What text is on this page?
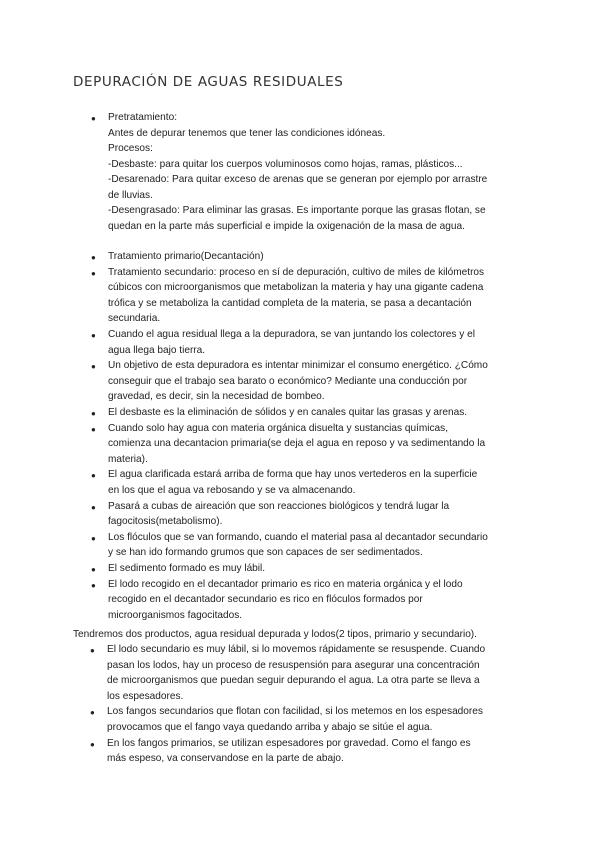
DEPURACIÓN DE AGUAS RESIDUALES
● Pretratamiento:
Antes de depurar tenemos que tener las condiciones idóneas.
Procesos:
-Desbaste: para quitar los cuerpos voluminosos como hojas, ramas, plásticos...
-Desarenado: Para quitar exceso de arenas que se generan por ejemplo por arrastre
de lluvias.
-Desengrasado: Para eliminar las grasas. Es importante porque las grasas flotan, se
quedan en la parte más superficial e impide la oxigenación de la masa de agua.
● Tratamiento primario(Decantación)
● Tratamiento secundario: proceso en sí de depuración, cultivo de miles de kilómetros
cúbicos con microorganismos que metabolizan la materia y hay una gigante cadena
trófica y se metaboliza la cantidad completa de la materia, se pasa a decantación
secundaria.
● Cuando el agua residual llega a la depuradora, se van juntando los colectores y el
agua llega bajo tierra.
● Un objetivo de esta depuradora es intentar minimizar el consumo energético. ¿Cómo
conseguir que el trabajo sea barato o económico? Mediante una conducción por
gravedad, es decir, sin la necesidad de bombeo.
● El desbaste es la eliminación de sólidos y en canales quitar las grasas y arenas.
● Cuando solo hay agua con materia orgánica disuelta y sustancias químicas,
comienza una decantacion primaria(se deja el agua en reposo y va sedimentando la
materia).
● El agua clarificada estará arriba de forma que hay unos vertederos en la superficie
en los que el agua va rebosando y se va almacenando.
● Pasará a cubas de aireación que son reacciones biológicos y tendrá lugar la
fagocitosis(metabolismo).
● Los flóculos que se van formando, cuando el material pasa al decantador secundario
y se han ido formando grumos que son capaces de ser sedimentados.
● El sedimento formado es muy lábil.
● El lodo recogido en el decantador primario es rico en materia orgánica y el lodo
recogido en el decantador secundario es rico en flóculos formados por
microorganismos fagocitados.
Tendremos dos productos, agua residual depurada y lodos(2 tipos, primario y secundario).
● El lodo secundario es muy lábil, si lo movemos rápidamente se resuspende. Cuando
pasan los lodos, hay un proceso de resuspensión para asegurar una concentración
de microorganismos que puedan seguir depurando el agua. La otra parte se lleva a
los espesadores.
● Los fangos secundarios que flotan con facilidad, si los metemos en los espesadores
provocamos que el fango vaya quedando arriba y abajo se sitúe el agua.
● En los fangos primarios, se utilizan espesadores por gravedad. Como el fango es
más espeso, va conservandose en la parte de abajo.
